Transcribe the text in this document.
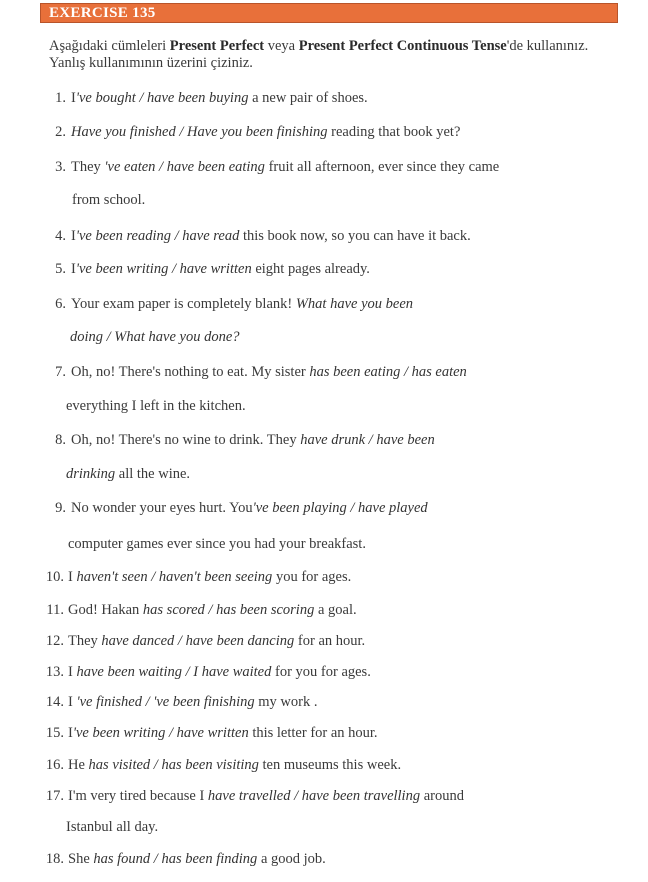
EXERCISE 135
Aşağıdaki cümleleri Present Perfect veya Present Perfect Continuous Tense'de kullanınız.
Yanlış kullanımının üzerini çiziniz.
1. I've bought / have been buying a new pair of shoes.
2. Have you finished / Have you been finishing reading that book yet?
3. They 've eaten / have been eating fruit all afternoon, ever since they came
from school.
4. I've been reading / have read this book now, so you can have it back.
5. I've been writing / have written eight pages already.
6. Your exam paper is completely blank! What have you been
doing / What have you done?
7. Oh, no! There's nothing to eat. My sister has been eating / has eaten
everything I left in the kitchen.
8. Oh, no! There's no wine to drink. They have drunk / have been
drinking all the wine.
9. No wonder your eyes hurt. You've been playing / have played
computer games ever since you had your breakfast.
10. I haven't seen / haven't been seeing you for ages.
11. God! Hakan has scored / has been scoring a goal.
12. They have danced / have been dancing for an hour.
13. I have been waiting / I have waited for you for ages.
14. I 've finished / 've been finishing my work .
15. I've been writing / have written this letter for an hour.
16. He has visited / has been visiting ten museums this week.
17. I'm very tired because I have travelled / have been travelling around
Istanbul all day.
18. She has found / has been finding a good job.
